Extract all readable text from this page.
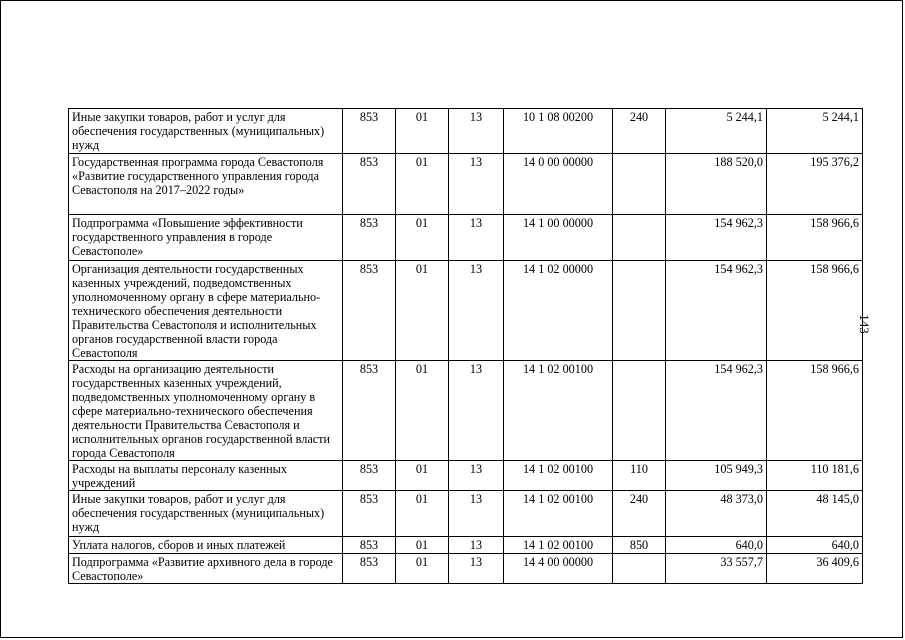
Иные закупки товаров, работ и услуг для обеспечения государственных (муниципальных) нужд	853	01	13	10 1 08 00200	240	5 244,1	5 244,1
Государственная программа города Севастополя «Развитие государственного управления города Севастополя на 2017–2022 годы»	853	01	13	14 0 00 00000		188 520,0	195 376,2
Подпрограмма «Повышение эффективности государственного управления в городе Севастополе»	853	01	13	14 1 00 00000		154 962,3	158 966,6
Организация деятельности государственных казенных учреждений, подведомственных уполномоченному органу в сфере материально-технического обеспечения деятельности Правительства Севастополя и исполнительных органов государственной власти города Севастополя	853	01	13	14 1 02 00000		154 962,3	158 966,6
Расходы на организацию деятельности государственных казенных учреждений, подведомственных уполномоченному органу в сфере материально-технического обеспечения деятельности Правительства Севастополя и исполнительных органов государственной власти города Севастополя	853	01	13	14 1 02 00100		154 962,3	158 966,6
Расходы на выплаты персоналу казенных учреждений	853	01	13	14 1 02 00100	110	105 949,3	110 181,6
Иные закупки товаров, работ и услуг для обеспечения государственных (муниципальных) нужд	853	01	13	14 1 02 00100	240	48 373,0	48 145,0
Уплата налогов, сборов и иных платежей	853	01	13	14 1 02 00100	850	640,0	640,0
Подпрограмма «Развитие архивного дела в городе Севастополе»	853	01	13	14 4 00 00000		33 557,7	36 409,6
143
